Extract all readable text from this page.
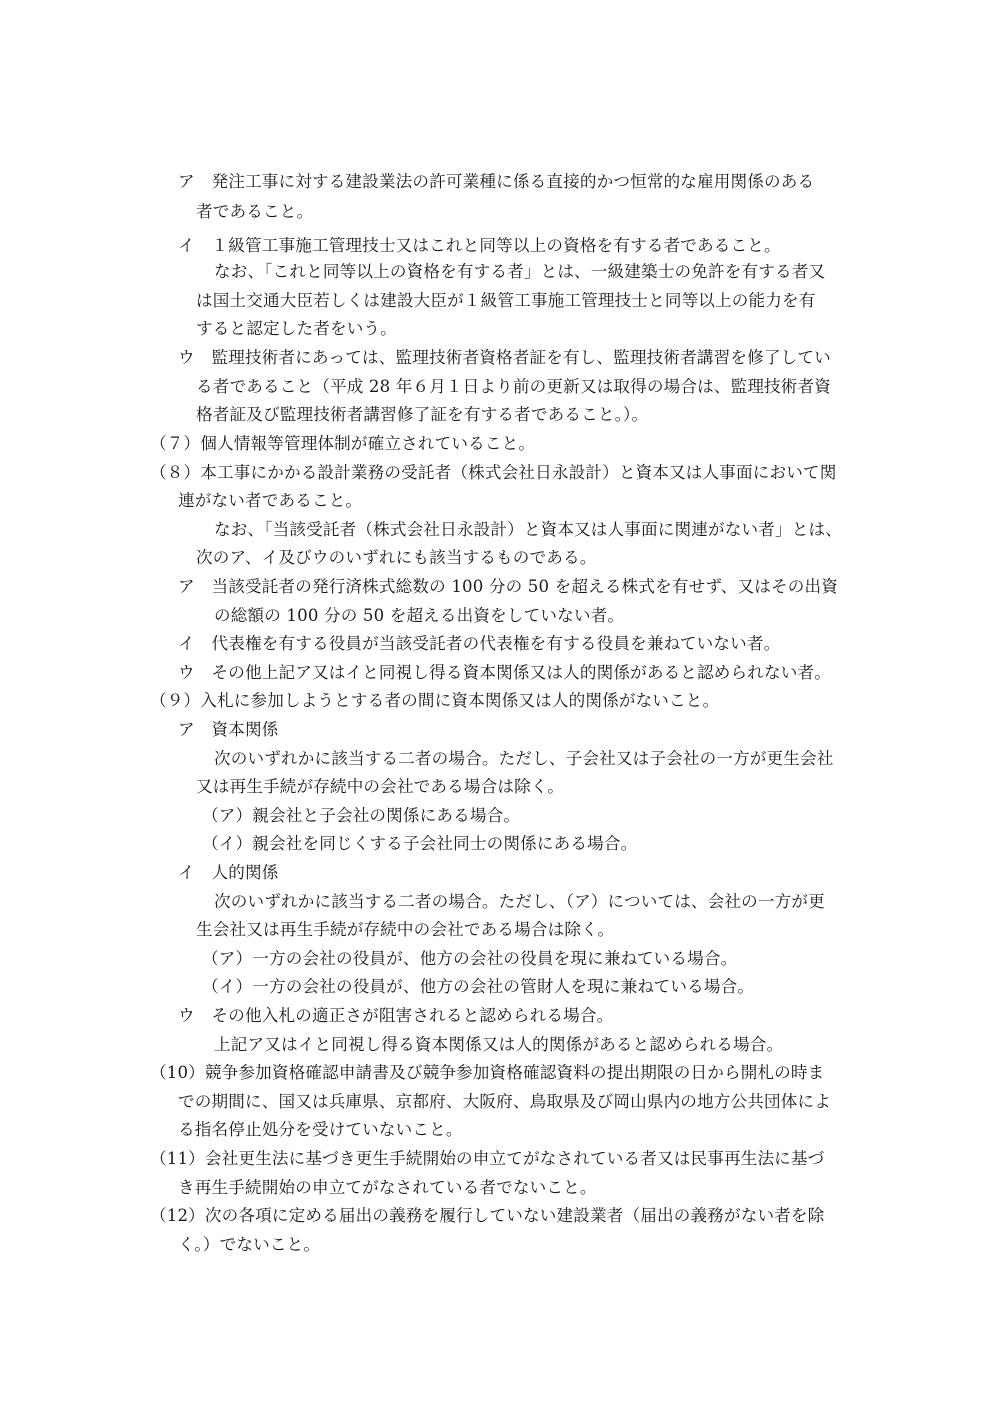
ア　発注工事に対する建設業法の許可業種に係る直接的かつ恒常的な雇用関係のある

者であること。

イ　１級管工事施工管理技士又はこれと同等以上の資格を有する者であること。

なお、「これと同等以上の資格を有する者」とは、一級建築士の免許を有する者又

は国土交通大臣若しくは建設大臣が１級管工事施工管理技士と同等以上の能力を有

すると認定した者をいう。

ウ　監理技術者にあっては、監理技術者資格者証を有し、監理技術者講習を修了してい

る者であること（平成 28 年６月１日より前の更新又は取得の場合は、監理技術者資

格者証及び監理技術者講習修了証を有する者であること。）。

（７）個人情報等管理体制が確立されていること。

（８）本工事にかかる設計業務の受託者（株式会社日永設計）と資本又は人事面において関

連がない者であること。

なお、「当該受託者（株式会社日永設計）と資本又は人事面に関連がない者」とは、

次のア、イ及びウのいずれにも該当するものである。

ア　当該受託者の発行済株式総数の 100 分の 50 を超える株式を有せず、又はその出資

の総額の 100 分の 50 を超える出資をしていない者。

イ　代表権を有する役員が当該受託者の代表権を有する役員を兼ねていない者。

ウ　その他上記ア又はイと同視し得る資本関係又は人的関係があると認められない者。

（９）入札に参加しようとする者の間に資本関係又は人的関係がないこと。

ア　資本関係

次のいずれかに該当する二者の場合。ただし、子会社又は子会社の一方が更生会社

又は再生手続が存続中の会社である場合は除く。

（ア）親会社と子会社の関係にある場合。

（イ）親会社を同じくする子会社同士の関係にある場合。

イ　人的関係

次のいずれかに該当する二者の場合。ただし、（ア）については、会社の一方が更

生会社又は再生手続が存続中の会社である場合は除く。

（ア）一方の会社の役員が、他方の会社の役員を現に兼ねている場合。

（イ）一方の会社の役員が、他方の会社の管財人を現に兼ねている場合。

ウ　その他入札の適正さが阻害されると認められる場合。

上記ア又はイと同視し得る資本関係又は人的関係があると認められる場合。

（10）競争参加資格確認申請書及び競争参加資格確認資料の提出期限の日から開札の時ま

での期間に、国又は兵庫県、京都府、大阪府、鳥取県及び岡山県内の地方公共団体によ

る指名停止処分を受けていないこと。

（11）会社更生法に基づき更生手続開始の申立てがなされている者又は民事再生法に基づ

き再生手続開始の申立てがなされている者でないこと。

（12）次の各項に定める届出の義務を履行していない建設業者（届出の義務がない者を除

く。）でないこと。
